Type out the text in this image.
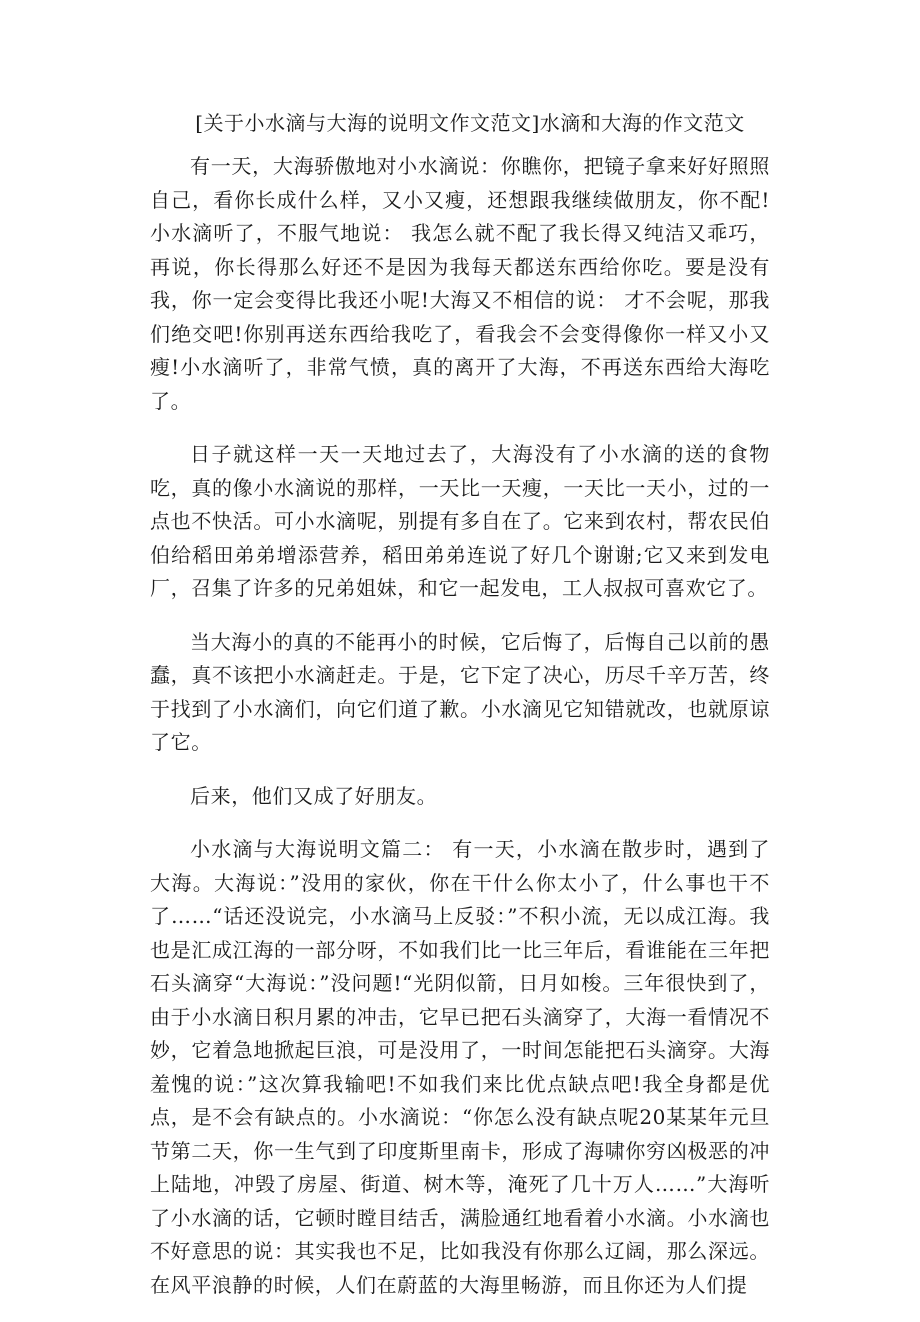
[关于小水滴与大海的说明文作文范文]水滴和大海的作文范文

有一天，大海骄傲地对小水滴说：你瞧你，把镜子拿来好好照照自己，看你长成什么样，又小又瘦，还想跟我继续做朋友，你不配!小水滴听了，不服气地说： 我怎么就不配了我长得又纯洁又乖巧，再说，你长得那么好还不是因为我每天都送东西给你吃。要是没有我，你一定会变得比我还小呢!大海又不相信的说： 才不会呢，那我们绝交吧!你别再送东西给我吃了，看我会不会变得像你一样又小又瘦!小水滴听了，非常气愤，真的离开了大海，不再送东西给大海吃了。

日子就这样一天一天地过去了，大海没有了小水滴的送的食物吃，真的像小水滴说的那样，一天比一天瘦，一天比一天小，过的一点也不快活。可小水滴呢，别提有多自在了。它来到农村，帮农民伯伯给稻田弟弟增添营养，稻田弟弟连说了好几个谢谢;它又来到发电厂，召集了许多的兄弟姐妹，和它一起发电，工人叔叔可喜欢它了。

当大海小的真的不能再小的时候，它后悔了，后悔自己以前的愚蠢，真不该把小水滴赶走。于是，它下定了决心，历尽千辛万苦，终于找到了小水滴们，向它们道了歉。小水滴见它知错就改，也就原谅了它。

后来，他们又成了好朋友。

小水滴与大海说明文篇二： 有一天，小水滴在散步时，遇到了大海。大海说：”没用的家伙，你在干什么你太小了，什么事也干不了……“话还没说完，小水滴马上反驳：”不积小流，无以成江海。我也是汇成江海的一部分呀，不如我们比一比三年后，看谁能在三年把石头滴穿“大海说：”没问题!“光阴似箭，日月如梭。三年很快到了，由于小水滴日积月累的冲击，它早已把石头滴穿了，大海一看情况不妙，它着急地掀起巨浪，可是没用了，一时间怎能把石头滴穿。大海羞愧的说：”这次算我输吧!不如我们来比优点缺点吧!我全身都是优点，是不会有缺点的。小水滴说：“你怎么没有缺点呢20某某年元旦节第二天，你一生气到了印度斯里南卡，形成了海啸你穷凶极恶的冲上陆地，冲毁了房屋、街道、树木等，淹死了几十万人……”大海听了小水滴的话，它顿时瞠目结舌，满脸通红地看着小水滴。小水滴也不好意思的说：其实我也不足，比如我没有你那么辽阔，那么深远。在风平浪静的时候，人们在蔚蓝的大海里畅游，而且你还为人们提
